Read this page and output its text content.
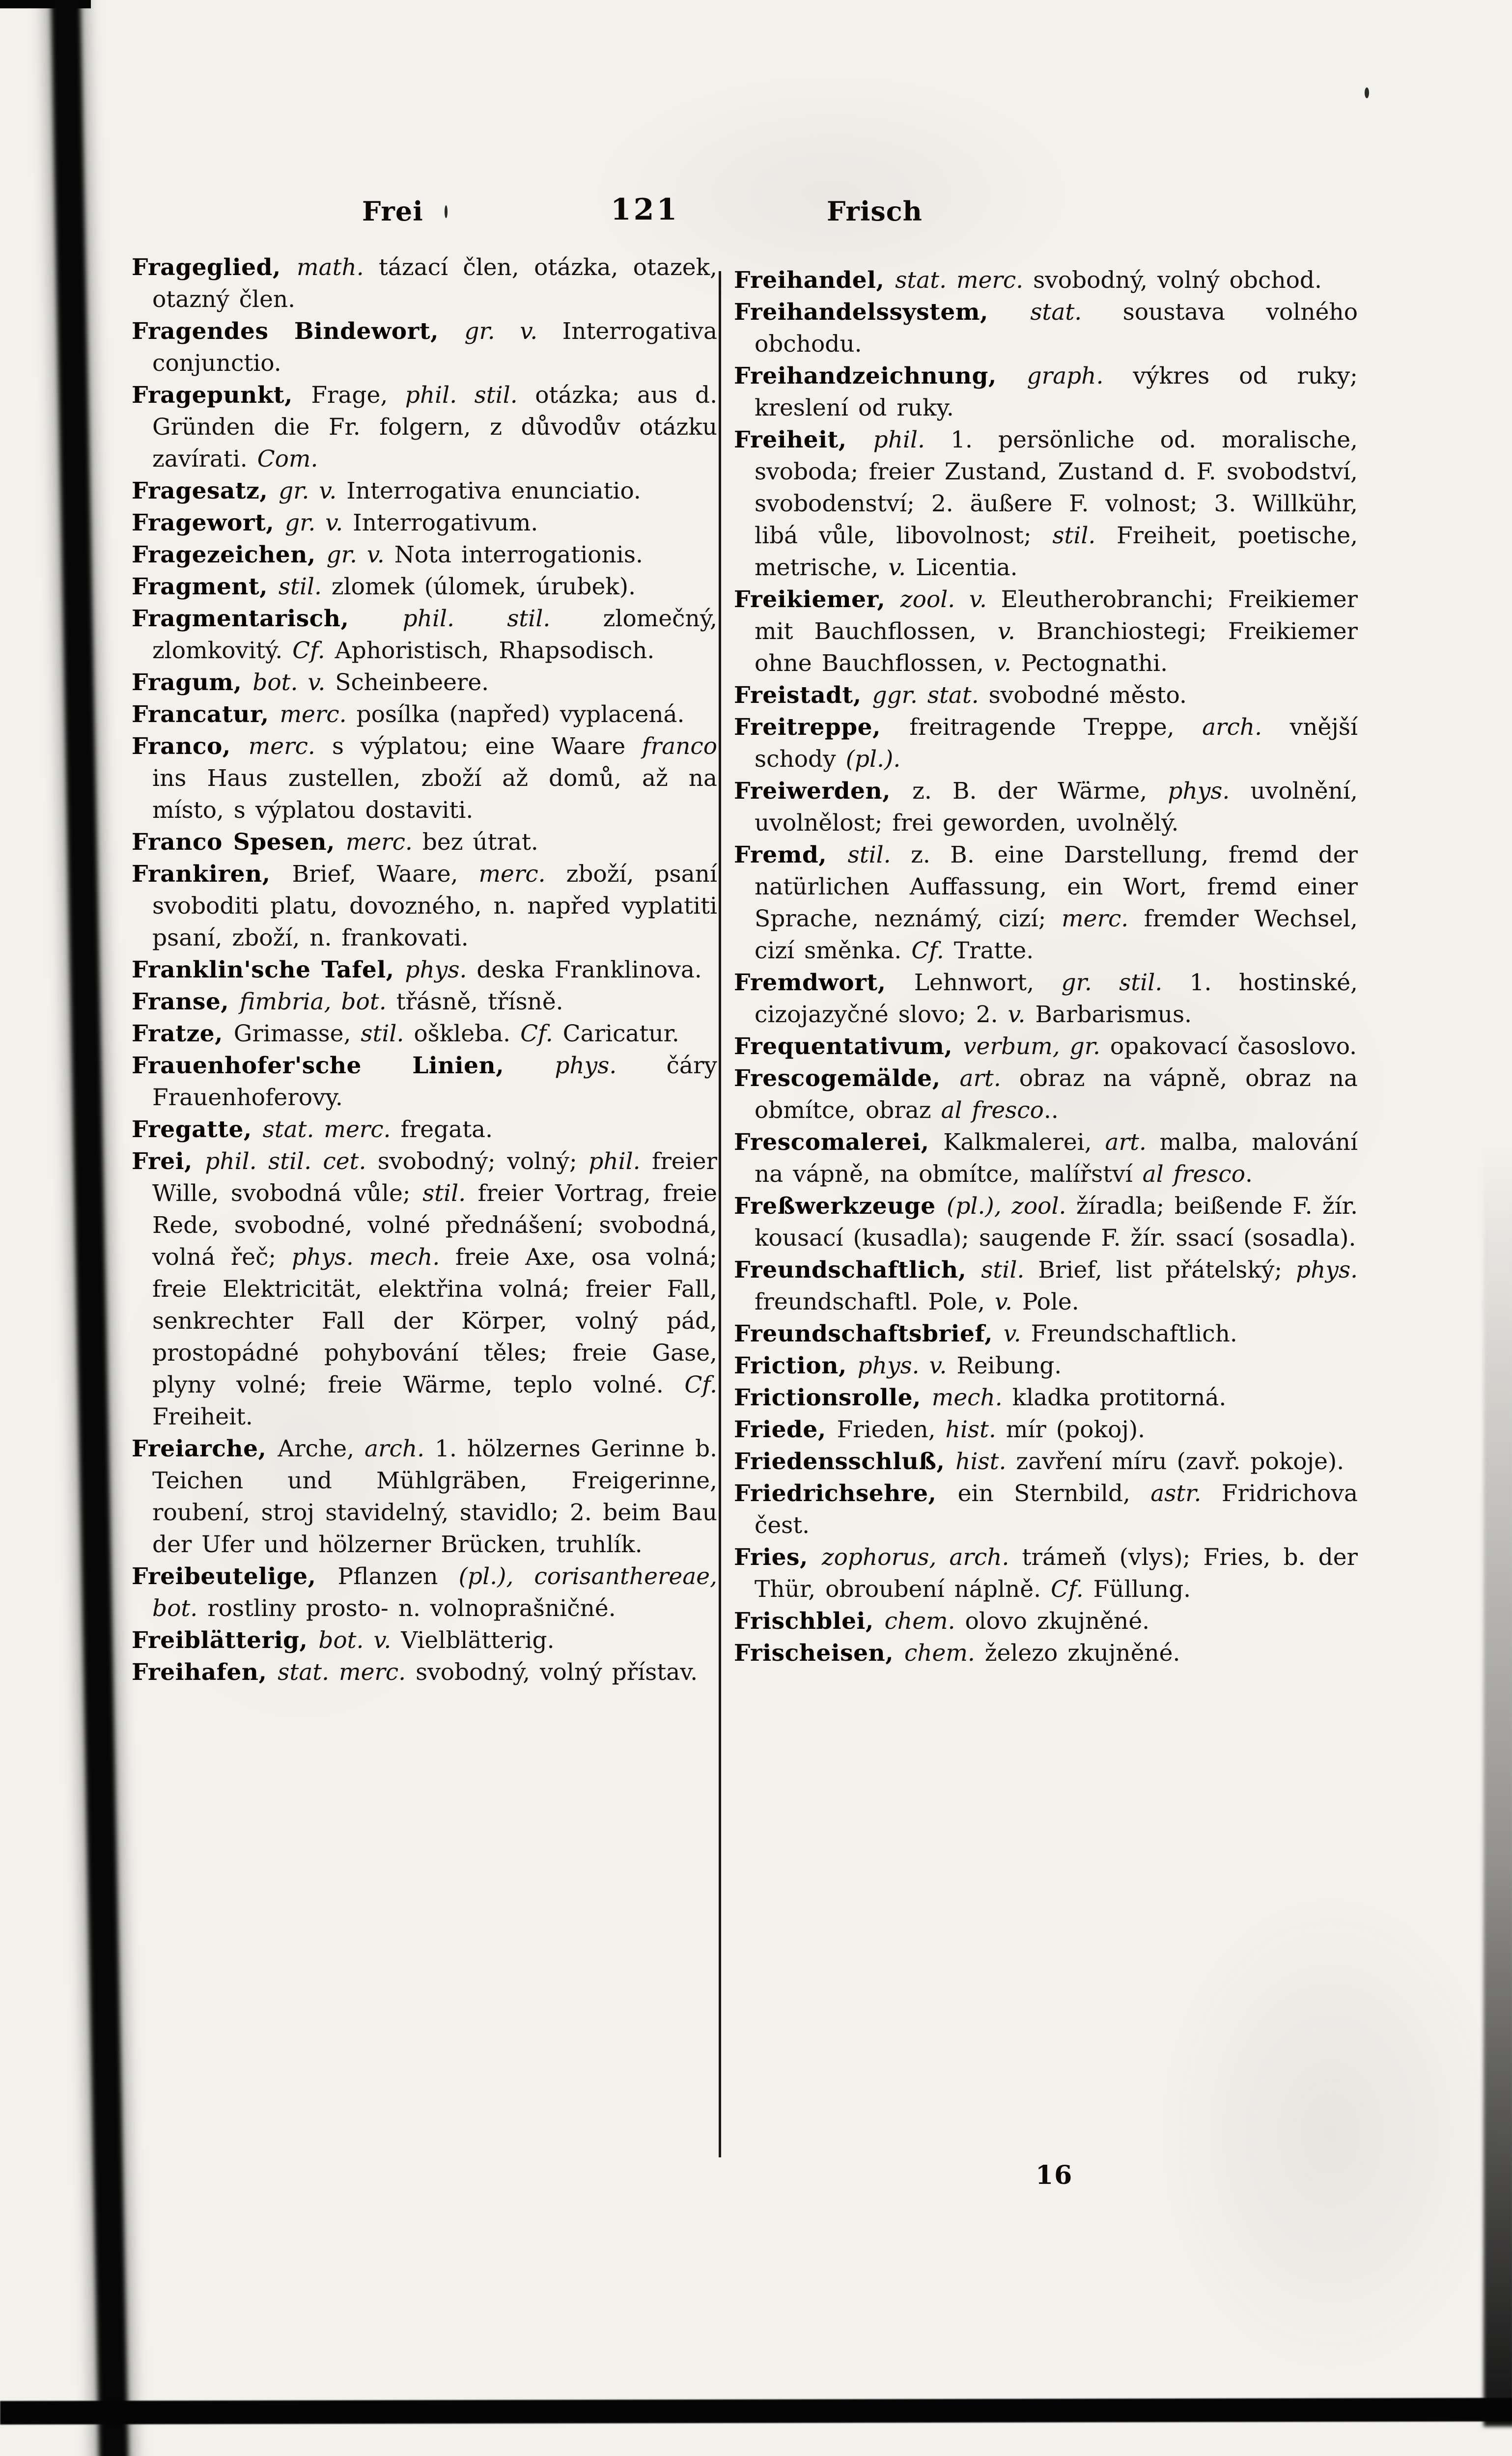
Frei	121	Frisch

Frageglied, math. tázací člen, otázka, otazek, otazný člen.

Fragendes Bindewort, gr. v. Interrogativa conjunctio.

Fragepunkt, Frage, phil. stil. otázka; aus d. Gründen die Fr. folgern, z důvodův otázku zavírati. Com.

Fragesatz, gr. v. Interrogativa enunciatio.

Fragewort, gr. v. Interrogativum.

Fragezeichen, gr. v. Nota interrogationis.

Fragment, stil. zlomek (úlomek, úrubek).

Fragmentarisch, phil. stil. zlomečný, zlomkovitý. Cf. Aphoristisch, Rhapsodisch.

Fragum, bot. v. Scheinbeere.

Francatur, merc. posílka (napřed) vyplacená.

Franco, merc. s výplatou; eine Waare franco ins Haus zustellen, zboží až domů, až na místo, s výplatou dostaviti.

Franco Spesen, merc. bez útrat.

Frankiren, Brief, Waare, merc. zboží, psaní svoboditi platu, dovozného, n. napřed vyplatiti psaní, zboží, n. frankovati.

Franklin'sche Tafel, phys. deska Franklinova.

Franse, fimbria, bot. třásně, třísně.

Fratze, Grimasse, stil. oškleba. Cf. Caricatur.

Frauenhofer'sche Linien, phys. čáry Frauenhoferovy.

Fregatte, stat. merc. fregata.

Frei, phil. stil. cet. svobodný; volný; phil. freier Wille, svobodná vůle; stil. freier Vortrag, freie Rede, svobodné, volné přednášení; svobodná, volná řeč; phys. mech. freie Axe, osa volná; freie Elektricität, elektřina volná; freier Fall, senkrechter Fall der Körper, volný pád, prostopádné pohybování těles; freie Gase, plyny volné; freie Wärme, teplo volné. Cf. Freiheit.

Freiarche, Arche, arch. 1. hölzernes Gerinne b. Teichen und Mühlgräben, Freigerinne, roubení, stroj stavidelný, stavidlo; 2. beim Bau der Ufer und hölzerner Brücken, truhlík.

Freibeutelige, Pflanzen (pl.), corisanthereae, bot. rostliny prosto- n. volnoprašničné.

Freiblätterig, bot. v. Vielblätterig.

Freihafen, stat. merc. svobodný, volný přístav.

Freihandel, stat. merc. svobodný, volný obchod.

Freihandelssystem, stat. soustava volného obchodu.

Freihandzeichnung, graph. výkres od ruky; kreslení od ruky.

Freiheit, phil. 1. persönliche od. moralische, svoboda; freier Zustand, Zustand d. F. svobodství, svobodenství; 2. äußere F. volnost; 3. Willkühr, libá vůle, libovolnost; stil. Freiheit, poetische, metrische, v. Licentia.

Freikiemer, zool. v. Eleutherobranchi; Freikiemer mit Bauchflossen, v. Branchiostegi; Freikiemer ohne Bauchflossen, v. Pectognathi.

Freistadt, ggr. stat. svobodné město.

Freitreppe, freitragende Treppe, arch. vnější schody (pl.).

Freiwerden, z. B. der Wärme, phys. uvolnění, uvolnělost; frei geworden, uvolnělý.

Fremd, stil. z. B. eine Darstellung, fremd der natürlichen Auffassung, ein Wort, fremd einer Sprache, neznámý, cizí; merc. fremder Wechsel, cizí směnka. Cf. Tratte.

Fremdwort, Lehnwort, gr. stil. 1. hostinské, cizojazyčné slovo; 2. v. Barbarismus.

Frequentativum, verbum, gr. opakovací časoslovo.

Frescogemälde, art. obraz na vápně, obraz na obmítce, obraz al fresco..

Frescomalerei, Kalkmalerei, art. malba, malování na vápně, na obmítce, malířství al fresco.

Freßwerkzeuge (pl.), zool. žíradla; beißende F. žír. kousací (kusadla); saugende F. žír. ssací (sosadla).

Freundschaftlich, stil. Brief, list přátelský; phys. freundschaftl. Pole, v. Pole.

Freundschaftsbrief, v. Freundschaftlich.

Friction, phys. v. Reibung.

Frictionsrolle, mech. kladka protitorná.

Friede, Frieden, hist. mír (pokoj).

Friedensschluß, hist. zavření míru (zavř. pokoje).

Friedrichsehre, ein Sternbild, astr. Fridrichova čest.

Fries, zophorus, arch. trámeň (vlys); Fries, b. der Thür, obroubení náplně. Cf. Füllung.

Frischblei, chem. olovo zkujněné.

Frischeisen, chem. železo zkujněné.

16
